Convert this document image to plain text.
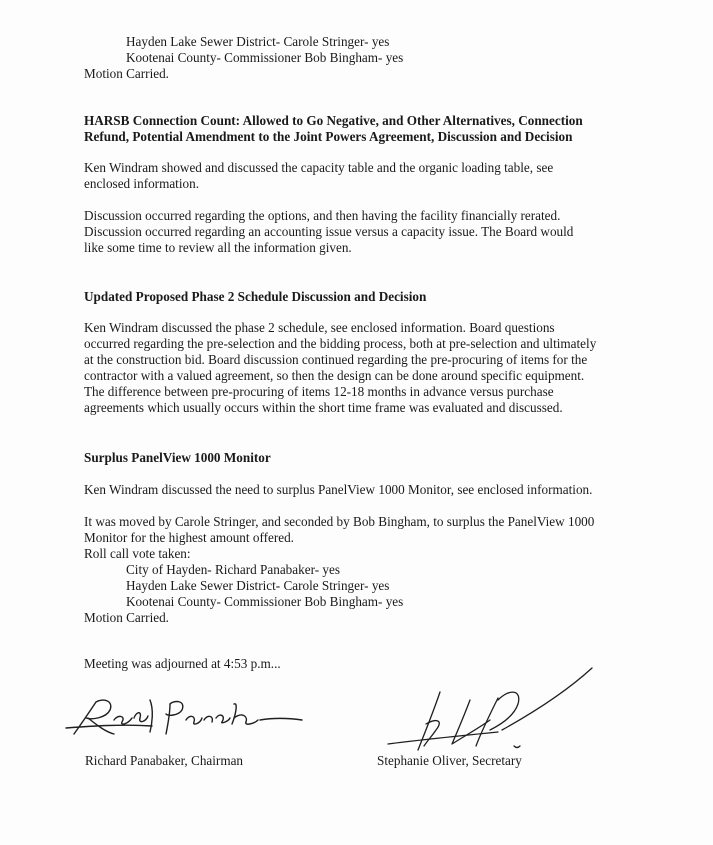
Hayden Lake Sewer District- Carole Stringer- yes
Kootenai County- Commissioner Bob Bingham- yes
Motion Carried.
HARSB Connection Count: Allowed to Go Negative, and Other Alternatives, Connection
Refund, Potential Amendment to the Joint Powers Agreement, Discussion and Decision
Ken Windram showed and discussed the capacity table and the organic loading table, see
enclosed information.
Discussion occurred regarding the options, and then having the facility financially rerated.
Discussion occurred regarding an accounting issue versus a capacity issue. The Board would
like some time to review all the information given.
Updated Proposed Phase 2 Schedule Discussion and Decision
Ken Windram discussed the phase 2 schedule, see enclosed information. Board questions
occurred regarding the pre-selection and the bidding process, both at pre-selection and ultimately
at the construction bid. Board discussion continued regarding the pre-procuring of items for the
contractor with a valued agreement, so then the design can be done around specific equipment.
The difference between pre-procuring of items 12-18 months in advance versus purchase
agreements which usually occurs within the short time frame was evaluated and discussed.
Surplus PanelView 1000 Monitor
Ken Windram discussed the need to surplus PanelView 1000 Monitor, see enclosed information.
It was moved by Carole Stringer, and seconded by Bob Bingham, to surplus the PanelView 1000
Monitor for the highest amount offered.
Roll call vote taken:
City of Hayden- Richard Panabaker- yes
Hayden Lake Sewer District- Carole Stringer- yes
Kootenai County- Commissioner Bob Bingham- yes
Motion Carried.
Meeting was adjourned at 4:53 p.m...
Richard Panabaker, Chairman	Stephanie Oliver, Secretary
